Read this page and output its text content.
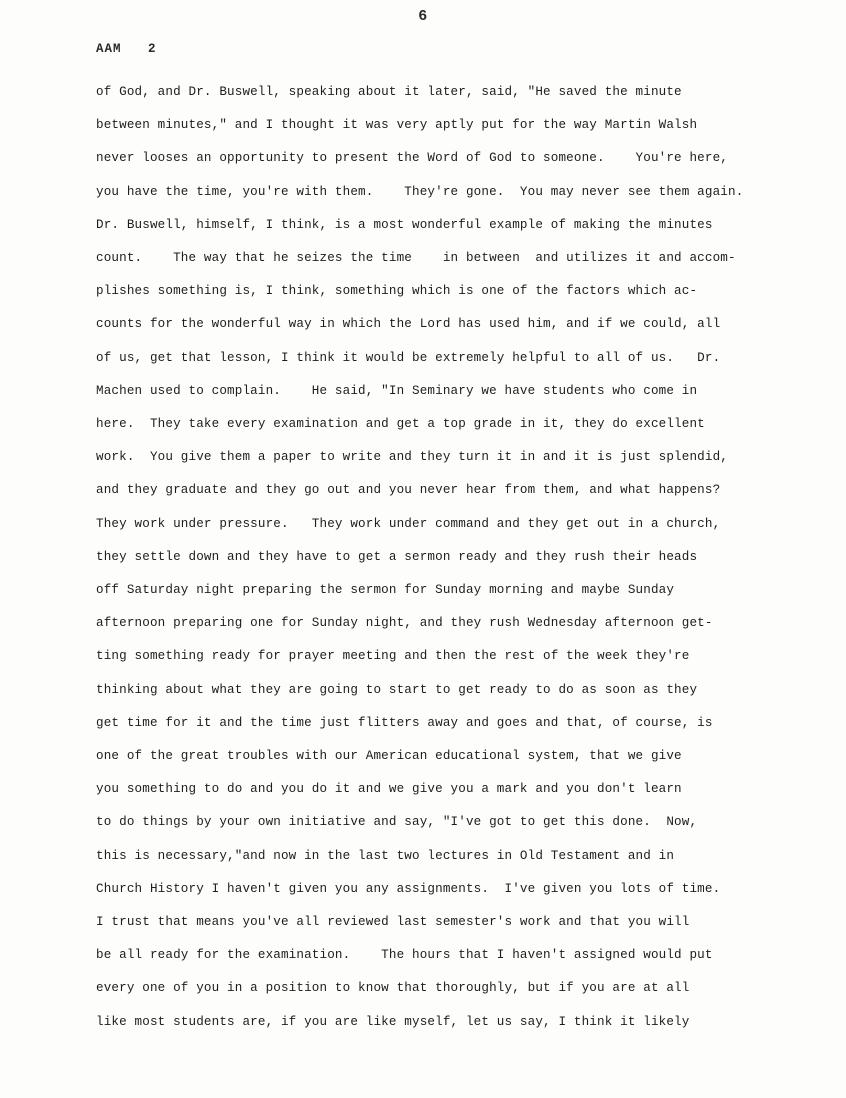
6
AAM 2
of God, and Dr. Buswell, speaking about it later, said, "He saved the minute
between minutes," and I thought it was very aptly put for the way Martin Walsh
never looses an opportunity to present the Word of God to someone.    You're here,
you have the time, you're with them.    They're gone.  You may never see them again.
Dr. Buswell, himself, I think, is a most wonderful example of making the minutes
count.    The way that he seizes the time    in between  and utilizes it and accom-
plishes something is, I think, something which is one of the factors which ac-
counts for the wonderful way in which the Lord has used him, and if we could, all
of us, get that lesson, I think it would be extremely helpful to all of us.   Dr.
Machen used to complain.    He said, "In Seminary we have students who come in
here.  They take every examination and get a top grade in it, they do excellent
work.  You give them a paper to write and they turn it in and it is just splendid,
and they graduate and they go out and you never hear from them, and what happens?
They work under pressure.   They work under command and they get out in a church,
they settle down and they have to get a sermon ready and they rush their heads
off Saturday night preparing the sermon for Sunday morning and maybe Sunday
afternoon preparing one for Sunday night, and they rush Wednesday afternoon get-
ting something ready for prayer meeting and then the rest of the week they're
thinking about what they are going to start to get ready to do as soon as they
get time for it and the time just flitters away and goes and that, of course, is
one of the great troubles with our American educational system, that we give
you something to do and you do it and we give you a mark and you don't learn
to do things by your own initiative and say, "I've got to get this done.  Now,
this is necessary,"and now in the last two lectures in Old Testament and in
Church History I haven't given you any assignments.  I've given you lots of time.
I trust that means you've all reviewed last semester's work and that you will
be all ready for the examination.    The hours that I haven't assigned would put
every one of you in a position to know that thoroughly, but if you are at all
like most students are, if you are like myself, let us say, I think it likely
